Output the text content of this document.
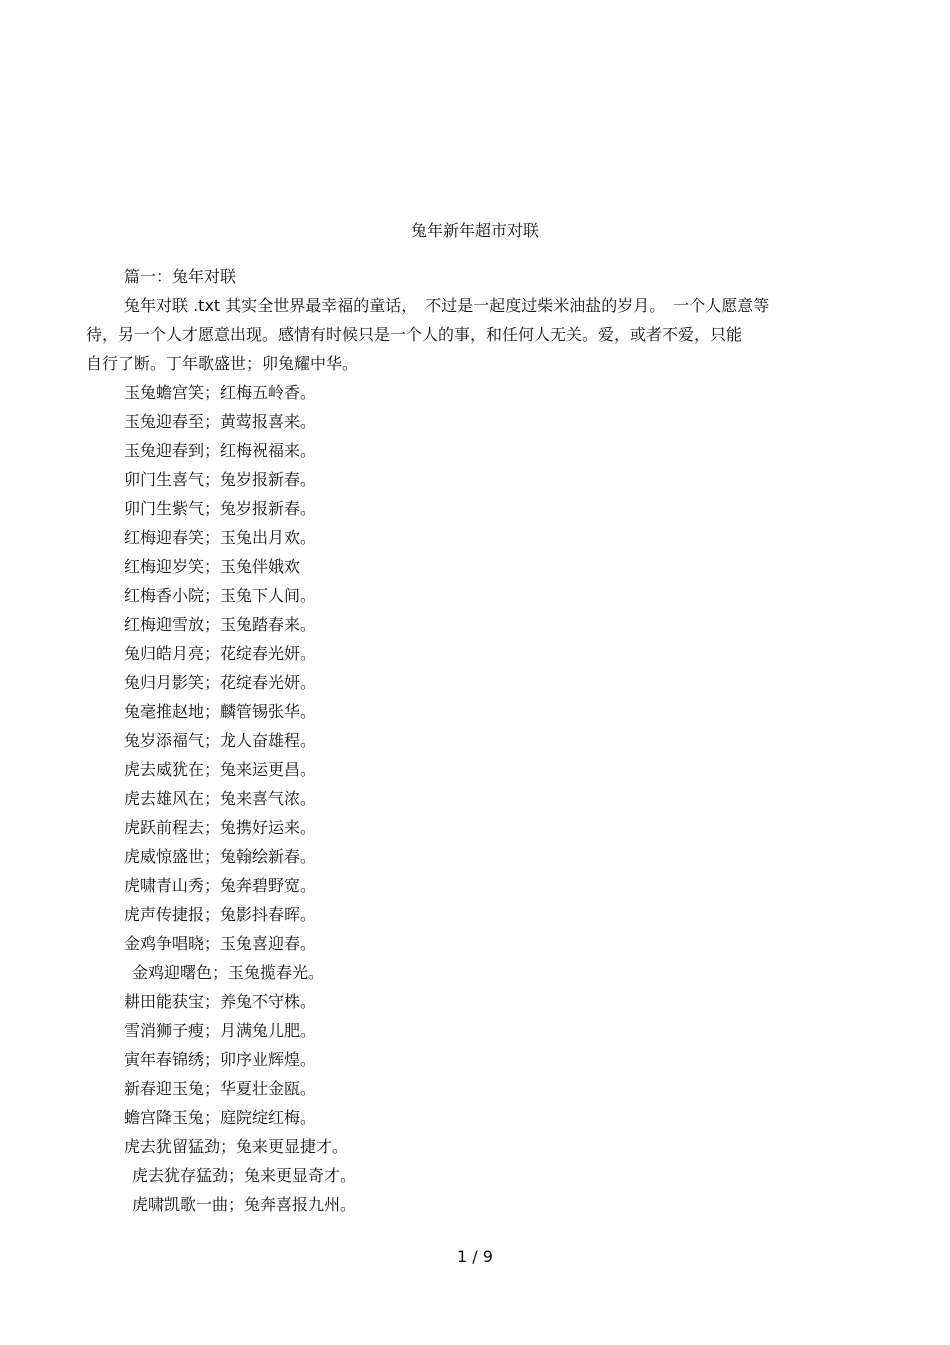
兔年新年超市对联
篇一：兔年对联
兔年对联 .txt 其实全世界最幸福的童话，　不过是一起度过柴米油盐的岁月。　一个人愿意等
待，另一个人才愿意出现。感情有时候只是一个人的事，和任何人无关。爱，或者不爱，只能
自行了断。丁年歌盛世；卯兔耀中华。
玉兔蟾宫笑；红梅五岭香。
玉兔迎春至；黄莺报喜来。
玉兔迎春到；红梅祝福来。
卯门生喜气；兔岁报新春。
卯门生紫气；兔岁报新春。
红梅迎春笑；玉兔出月欢。
红梅迎岁笑；玉兔伴娥欢
红梅香小院；玉兔下人间。
红梅迎雪放；玉兔踏春来。
兔归皓月亮；花绽春光妍。
兔归月影笑；花绽春光妍。
兔毫推赵地；麟管锡张华。
兔岁添福气；龙人奋雄程。
虎去威犹在；兔来运更昌。
虎去雄风在；兔来喜气浓。
虎跃前程去；兔携好运来。
虎威惊盛世；兔翰绘新春。
虎啸青山秀；兔奔碧野宽。
虎声传捷报；兔影抖春晖。
金鸡争唱晓；玉兔喜迎春。
金鸡迎曙色；玉兔揽春光。
耕田能获宝；养兔不守株。
雪消狮子瘦；月满兔儿肥。
寅年春锦绣；卯序业辉煌。
新春迎玉兔；华夏壮金瓯。
蟾宫降玉兔；庭院绽红梅。
虎去犹留猛劲；兔来更显捷才。
虎去犹存猛劲；兔来更显奇才。
虎啸凯歌一曲；兔奔喜报九州。
1 / 9
